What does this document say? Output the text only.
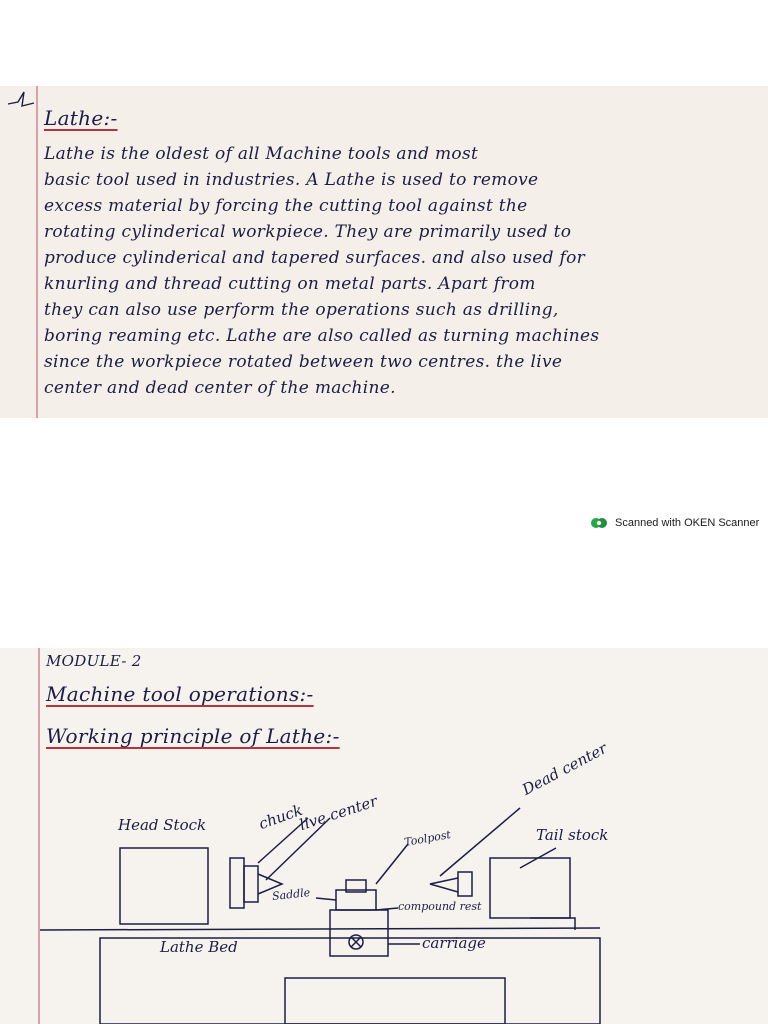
Lathe:-
Lathe is the oldest of all Machine tools and most
basic tool used in industries. A Lathe is used to remove
excess material by forcing the cutting tool against the
rotating cylinderical workpiece. They are primarily used to
produce cylinderical and tapered surfaces. and also used for
knurling and thread cutting on metal parts. Apart from
they can also use perform the operations such as drilling,
boring reaming etc. Lathe are also called as turning machines
since the workpiece rotated between two centres. the live
center and dead center of the machine.
Scanned with OKEN Scanner
MODULE- 2
Machine tool operations:-
Working principle of Lathe:-
Head Stock	chuck
live center
Dead center
Toolpost	Tail stock
Saddle
compound rest
Lathe Bed	carriage
